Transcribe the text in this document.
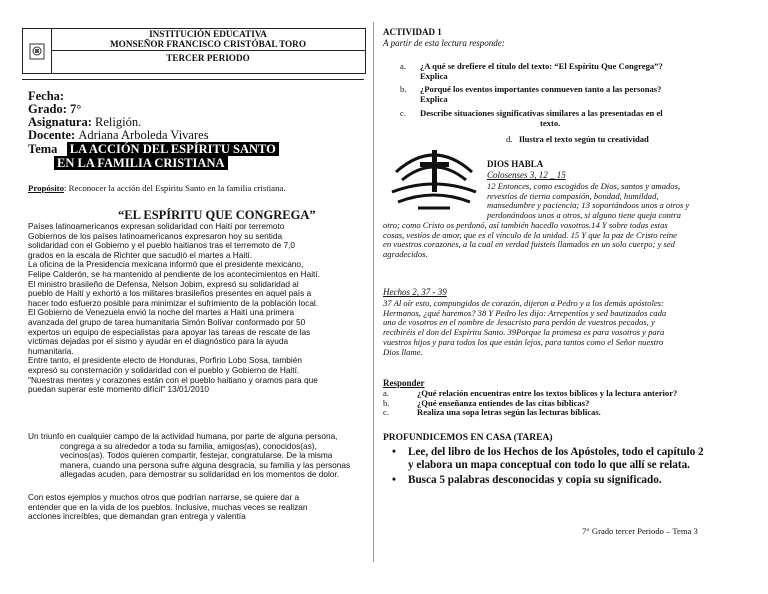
INSTITUCIÓN EDUCATIVA
MONSEÑOR FRANCISCO CRISTÓBAL TORO
TERCER PERIODO
Fecha:
Grado: 7°
Asignatura: Religión.
Docente: Adriana Arboleda Vivares
Tema LA ACCIÓN DEL ESPÍRITU SANTO
EN LA FAMILIA CRISTIANA
Propósito: Reconocer la acción del Espíritu Santo en la familia cristiana.
“EL ESPÍRITU QUE CONGREGA”
Países latinoamericanos expresan solidaridad con Haití por terremoto
Gobiernos de los países latinoamericanos expresaron hoy su sentida
solidaridad con el Gobierno y el pueblo haitianos tras el terremoto de 7,0
grados en la escala de Richter que sacudió el martes a Haití.
La oficina de la Presidencia mexicana informó que el presidente mexicano,
Felipe Calderón, se ha mantenido al pendiente de los acontecimientos en Haití.
El ministro brasileño de Defensa, Nelson Jobim, expresó su solidaridad al
pueblo de Haití y exhortó a los militares brasileños presentes en aquel país a
hacer todo esfuerzo posible para minimizar el sufrimiento de la población local.
El Gobierno de Venezuela envió la noche del martes a Haití una primera
avanzada del grupo de tarea humanitaria Simón Bolívar conformado por 50
expertos un equipo de especialistas para apoyar las tareas de rescate de las
víctimas dejadas por el sismo y ayudar en el diagnóstico para la ayuda
humanitaria.
Entre tanto, el presidente electo de Honduras, Porfirio Lobo Sosa, también
expresó su consternación y solidaridad con el pueblo y Gobierno de Haití.
"Nuestras mentes y corazones están con el pueblo haitiano y oramos para que
puedan superar este momento difícil" 13/01/2010
Un triunfo en cualquier campo de la actividad humana, por parte de alguna persona,
congrega a su alrededor a toda su familia, amigos(as), conocidos(as),
vecinos(as). Todos quieren compartir, festejar, congratularse. De la misma
manera, cuando una persona sufre alguna desgracia, su familia y las personas
allegadas acuden, para demostrar su solidaridad en los momentos de dolor.
Con estos ejemplos y muchos otros que podrían narrarse, se quiere dar a
entender que en la vida de los pueblos. Inclusive, muchas veces se realizan
acciones increíbles, que demandan gran entrega y valentía
ACTIVIDAD 1
A partir de esta lectura responde:
a. ¿A qué se drefiere el título del texto: “El Espíritu Que Congrega”?
Explica
b. ¿Porqué los eventos importantes conmueven tanto a las personas?
Explica
c. Describe situaciones significativas similares a las presentadas en el
texto.
d. Ilustra el texto según tu creatividad
DIOS HABLA
Colosenses 3, 12 _ 15
12 Entonces, como escogidos de Dios, santos y amados,
revestíos de tierna compasión, bondad, humildad,
mansedumbre y paciencia; 13 soportándoos unos a otros y
perdonándoos unos a otros, si alguno tiene queja contra
otro; como Cristo os perdonó, así también hacedlo vosotros.14 Y sobre todas estas
cosas, vestíos de amor, que es el vínculo de la unidad. 15 Y que la paz de Cristo reine
en vuestros corazones, a la cual en verdad fuisteis llamados en un solo cuerpo; y sed
agradecidos.
Hechos 2, 37 - 39
37 Al oír esto, compungidos de corazón, dijeron a Pedro y a los demás apóstoles:
Hermanos, ¿qué haremos? 38 Y Pedro les dijo: Arrepentíos y sed bautizados cada
uno de vosotros en el nombre de Jesucristo para perdón de vuestros pecados, y
recibiréis el don del Espíritu Santo. 39Porque la promesa es para vosotros y para
vuestros hijos y para todos los que están lejos, para tantos como el Señor nuestro
Dios llame.
Responder
a.	¿Qué relación encuentras entre los textos bíblicos y la lectura anterior?
b.	¿Qué enseñanza entiendes de las citas bíblicas?
c.	Realiza una sopa letras según las lecturas bíblicas.
PROFUNDICEMOS EN CASA (TAREA)
• Lee, del libro de los Hechos de los Apóstoles, todo el capítulo 2
y elabora un mapa conceptual con todo lo que allí se relata.
• Busca 5 palabras desconocidas y copia su significado.
7° Grado tercer Periodo – Tema 3
